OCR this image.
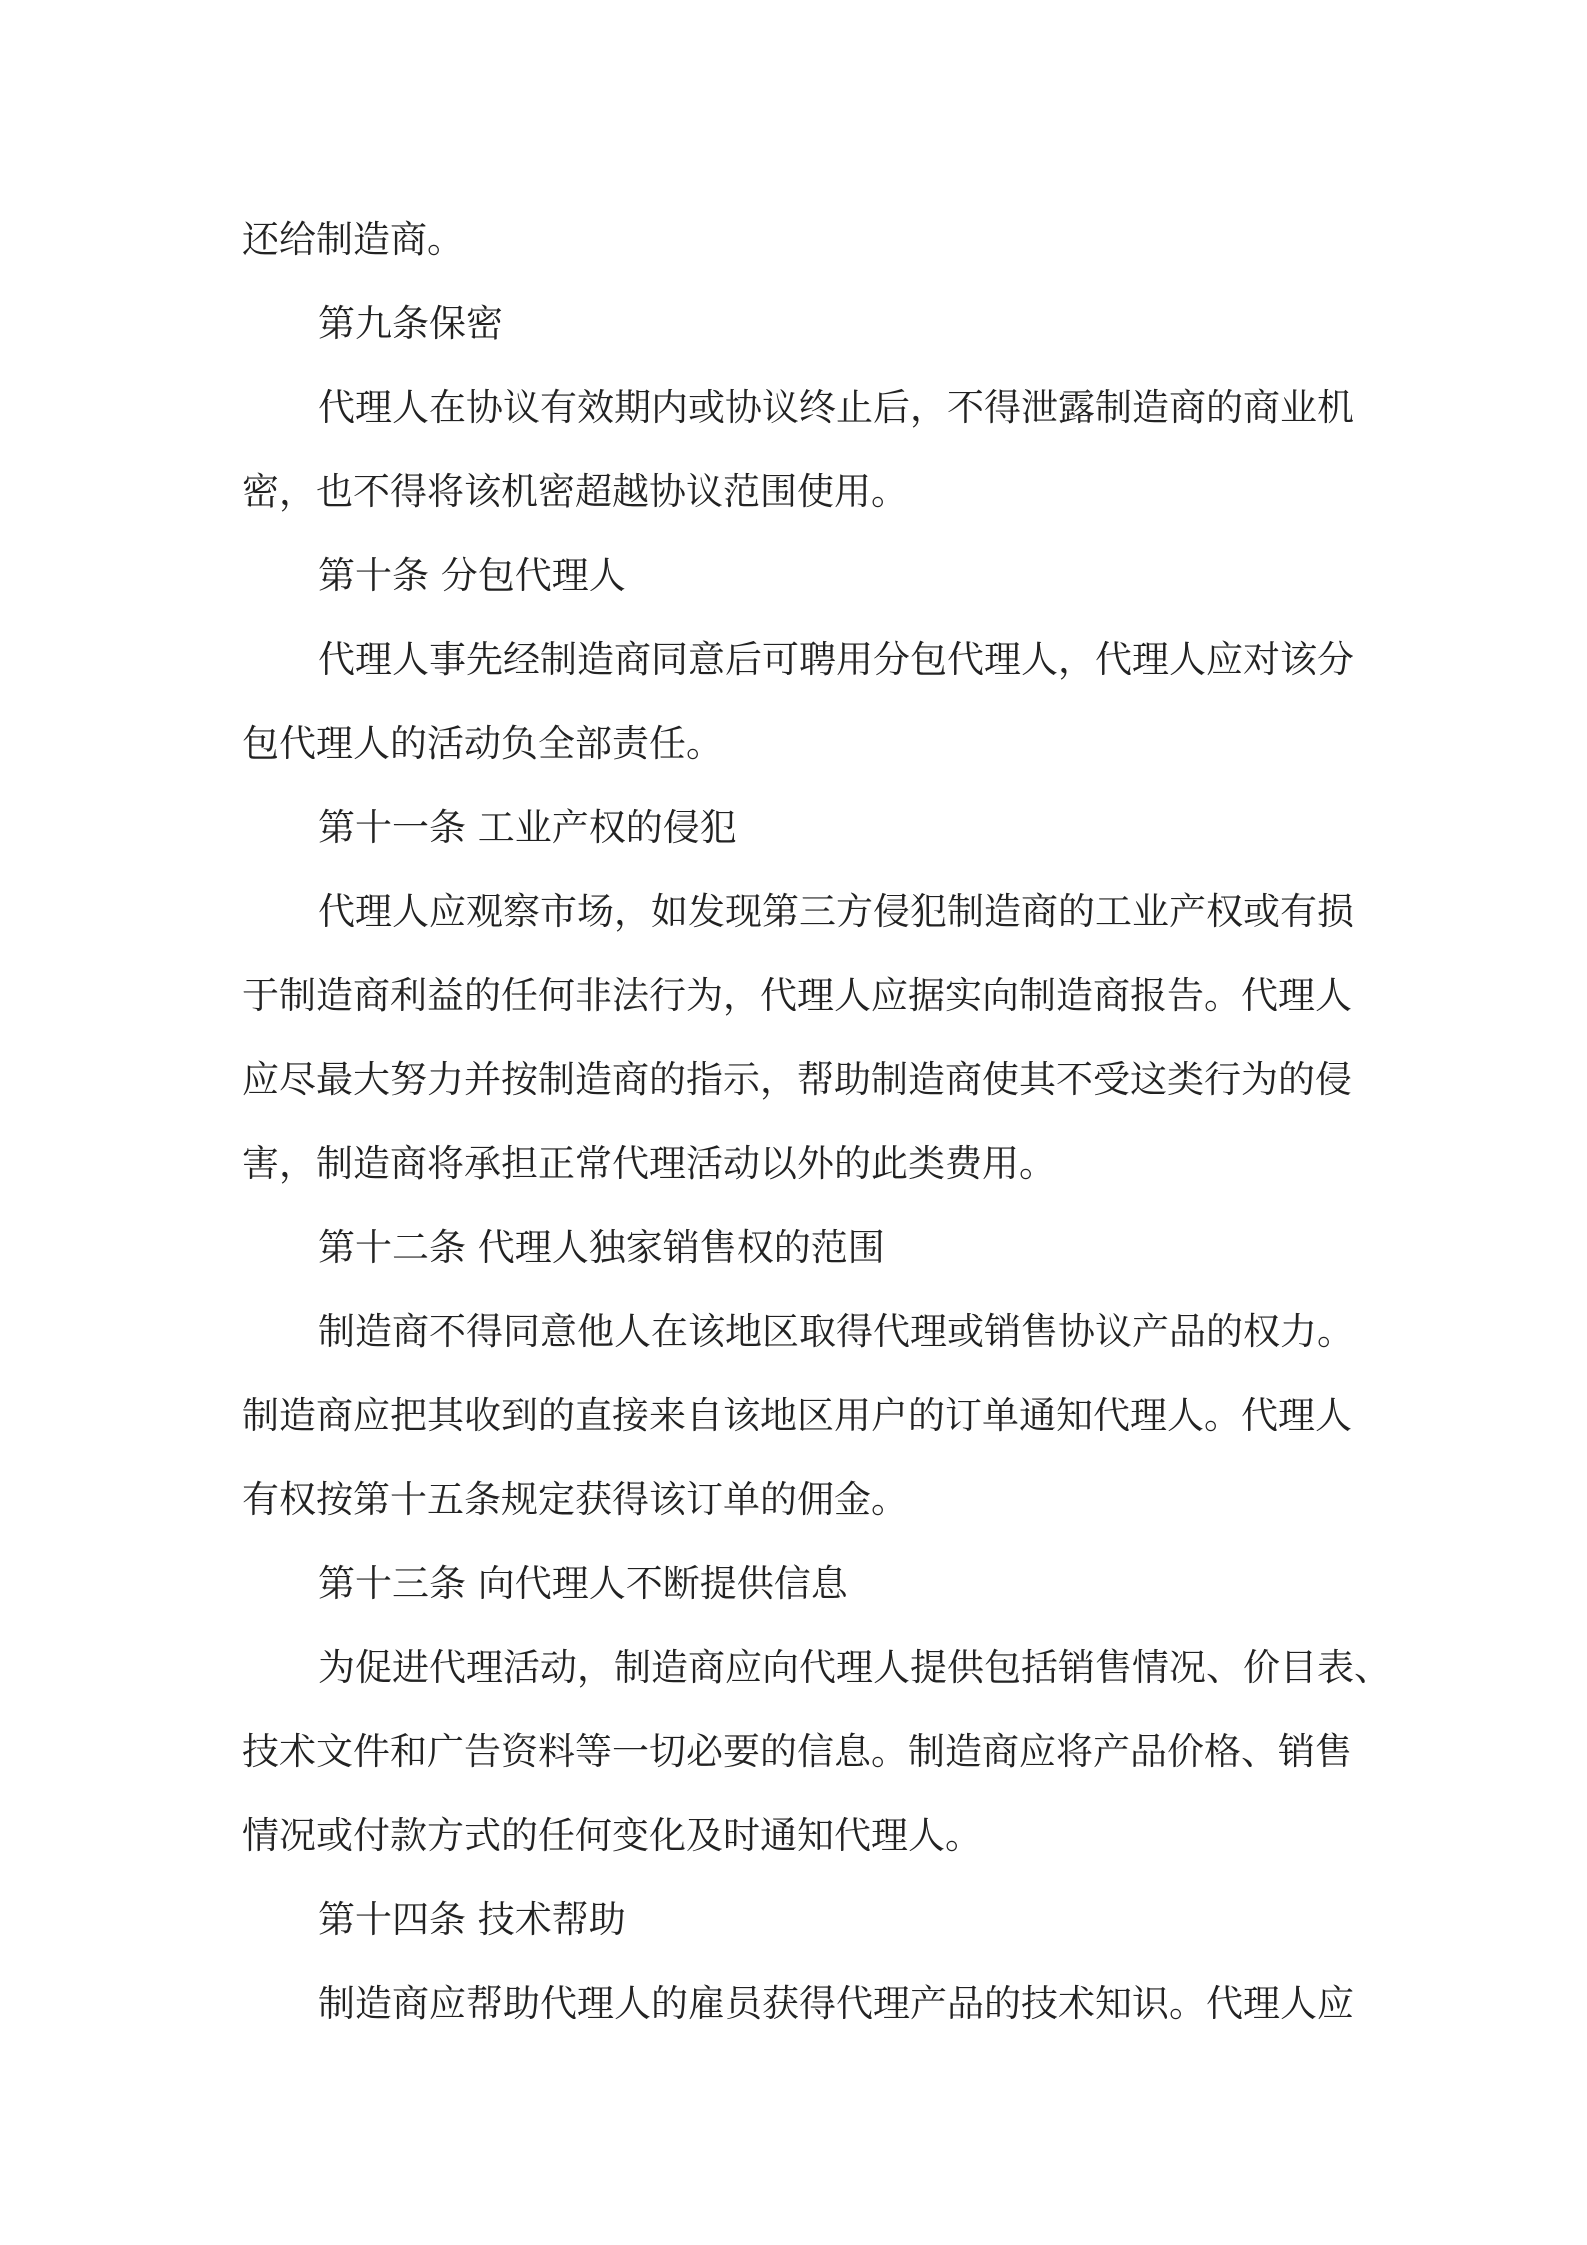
还给制造商。
第九条保密
代理人在协议有效期内或协议终止后，不得泄露制造商的商业机
密，也不得将该机密超越协议范围使用。
第十条 分包代理人
代理人事先经制造商同意后可聘用分包代理人，代理人应对该分
包代理人的活动负全部责任。
第十一条 工业产权的侵犯
代理人应观察市场，如发现第三方侵犯制造商的工业产权或有损
于制造商利益的任何非法行为，代理人应据实向制造商报告。代理人
应尽最大努力并按制造商的指示，帮助制造商使其不受这类行为的侵
害，制造商将承担正常代理活动以外的此类费用。
第十二条 代理人独家销售权的范围
制造商不得同意他人在该地区取得代理或销售协议产品的权力。
制造商应把其收到的直接来自该地区用户的订单通知代理人。代理人
有权按第十五条规定获得该订单的佣金。
第十三条 向代理人不断提供信息
为促进代理活动，制造商应向代理人提供包括销售情况、价目表、
技术文件和广告资料等一切必要的信息。制造商应将产品价格、销售
情况或付款方式的任何变化及时通知代理人。
第十四条 技术帮助
制造商应帮助代理人的雇员获得代理产品的技术知识。代理人应
